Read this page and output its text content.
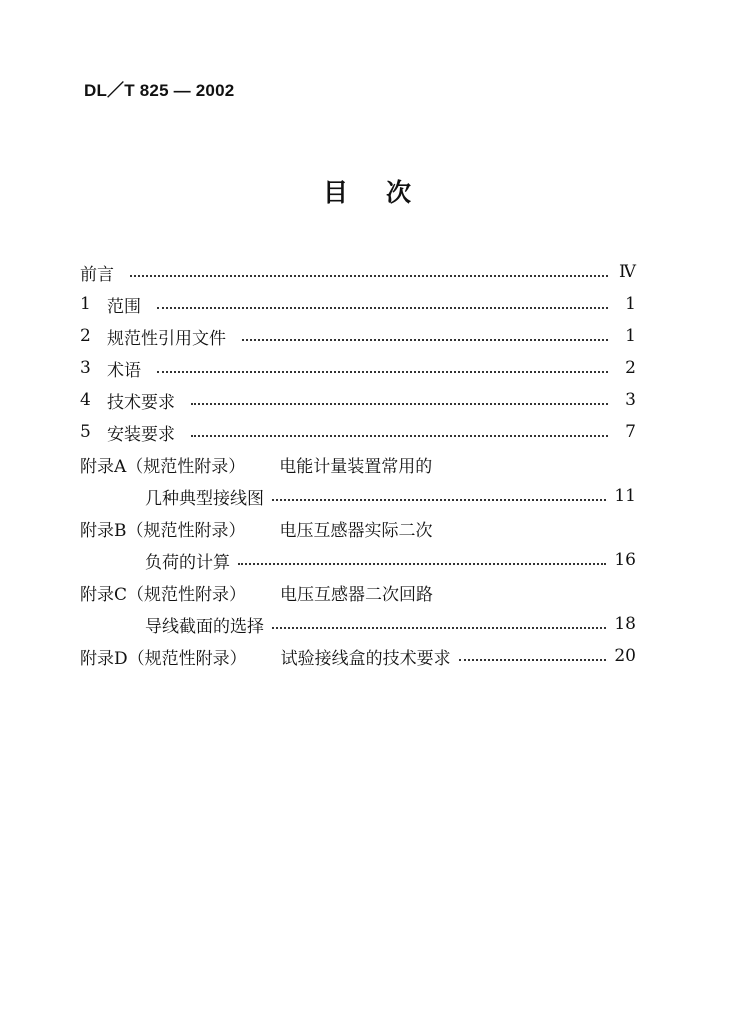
DL／T 825 — 2002
目次
前言	Ⅳ
1 范围	1
2 规范性引用文件	1
3 术语	2
4 技术要求	3
5 安装要求	7
附录A（规范性附录）	电能计量装置常用的
几种典型接线图	11
附录B（规范性附录）	电压互感器实际二次
负荷的计算	16
附录C（规范性附录）	电压互感器二次回路
导线截面的选择	18
附录D（规范性附录）	试验接线盒的技术要求	20
